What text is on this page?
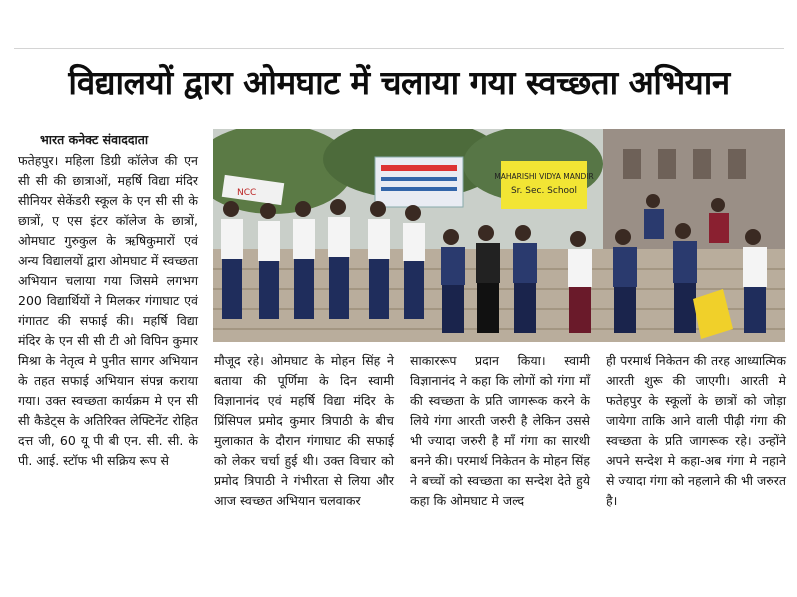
विद्यालयों द्वारा ओमघाट में चलाया गया स्वच्छता अभियान
भारत कनेक्ट संवाददाता

फतेहपुर। महिला डिग्री कॉलेज की एन सी सी की छात्राओं, महर्षि विद्या मंदिर सीनियर सेकेंडरी स्कूल के एन सी सी के छात्रों, ए एस इंटर कॉलेज के छात्रों, ओमघाट गुरुकुल के ऋषिकुमारों एवं अन्य विद्यालयों द्वारा ओमघाट में स्वच्छता अभियान चलाया गया जिसमे लगभग 200 विद्यार्थियों ने मिलकर गंगाघाट एवं गंगातट की सफाई की। महर्षि विद्या मंदिर के एन सी सी टी ओ विपिन कुमार मिश्रा के नेतृत्व मे पुनीत सागर अभियान के तहत सफाई अभियान संपन्न कराया गया। उक्त स्वच्छता कार्यक्रम मे एन सी सी कैडेट्स के अतिरिक्त लेफ्टिनेंट रोहित दत्त जी, 60 यू पी बी एन. सी. सी. के पी. आई. स्टॉफ भी सक्रिय रूप से

NCC
MAHARISHI VIDYA MANDIR
Sr. Sec. School

मौजूद रहे। ओमघाट के मोहन सिंह ने बताया की पूर्णिमा के दिन स्वामी विज्ञानानंद एवं महर्षि विद्या मंदिर के प्रिंसिपल प्रमोद कुमार त्रिपाठी के बीच मुलाकात के दौरान गंगाघाट की सफाई को लेकर चर्चा हुई थी। उक्त विचार को प्रमोद त्रिपाठी ने गंभीरता से लिया और आज स्वच्छत अभियान चलवाकर

साकाररूप प्रदान किया। स्वामी विज्ञानानंद ने कहा कि लोगों को गंगा माँ की स्वच्छता के प्रति जागरूक करने के लिये गंगा आरती जरुरी है लेकिन उससे भी ज्यादा जरुरी है माँ गंगा का सारथी बनने की। परमार्थ निकेतन के मोहन सिंह ने बच्चों को स्वच्छता का सन्देश देते हुये कहा कि ओमघाट मे जल्द

ही परमार्थ निकेतन की तरह आध्यात्मिक आरती शुरू की जाएगी। आरती मे फतेहपुर के स्कूलों के छात्रों को जोड़ा जायेगा ताकि आने वाली पीढ़ी गंगा की स्वच्छता के प्रति जागरूक रहे। उन्होंने अपने सन्देश मे कहा-अब गंगा मे नहाने से ज्यादा गंगा को नहलाने की भी जरुरत है।
